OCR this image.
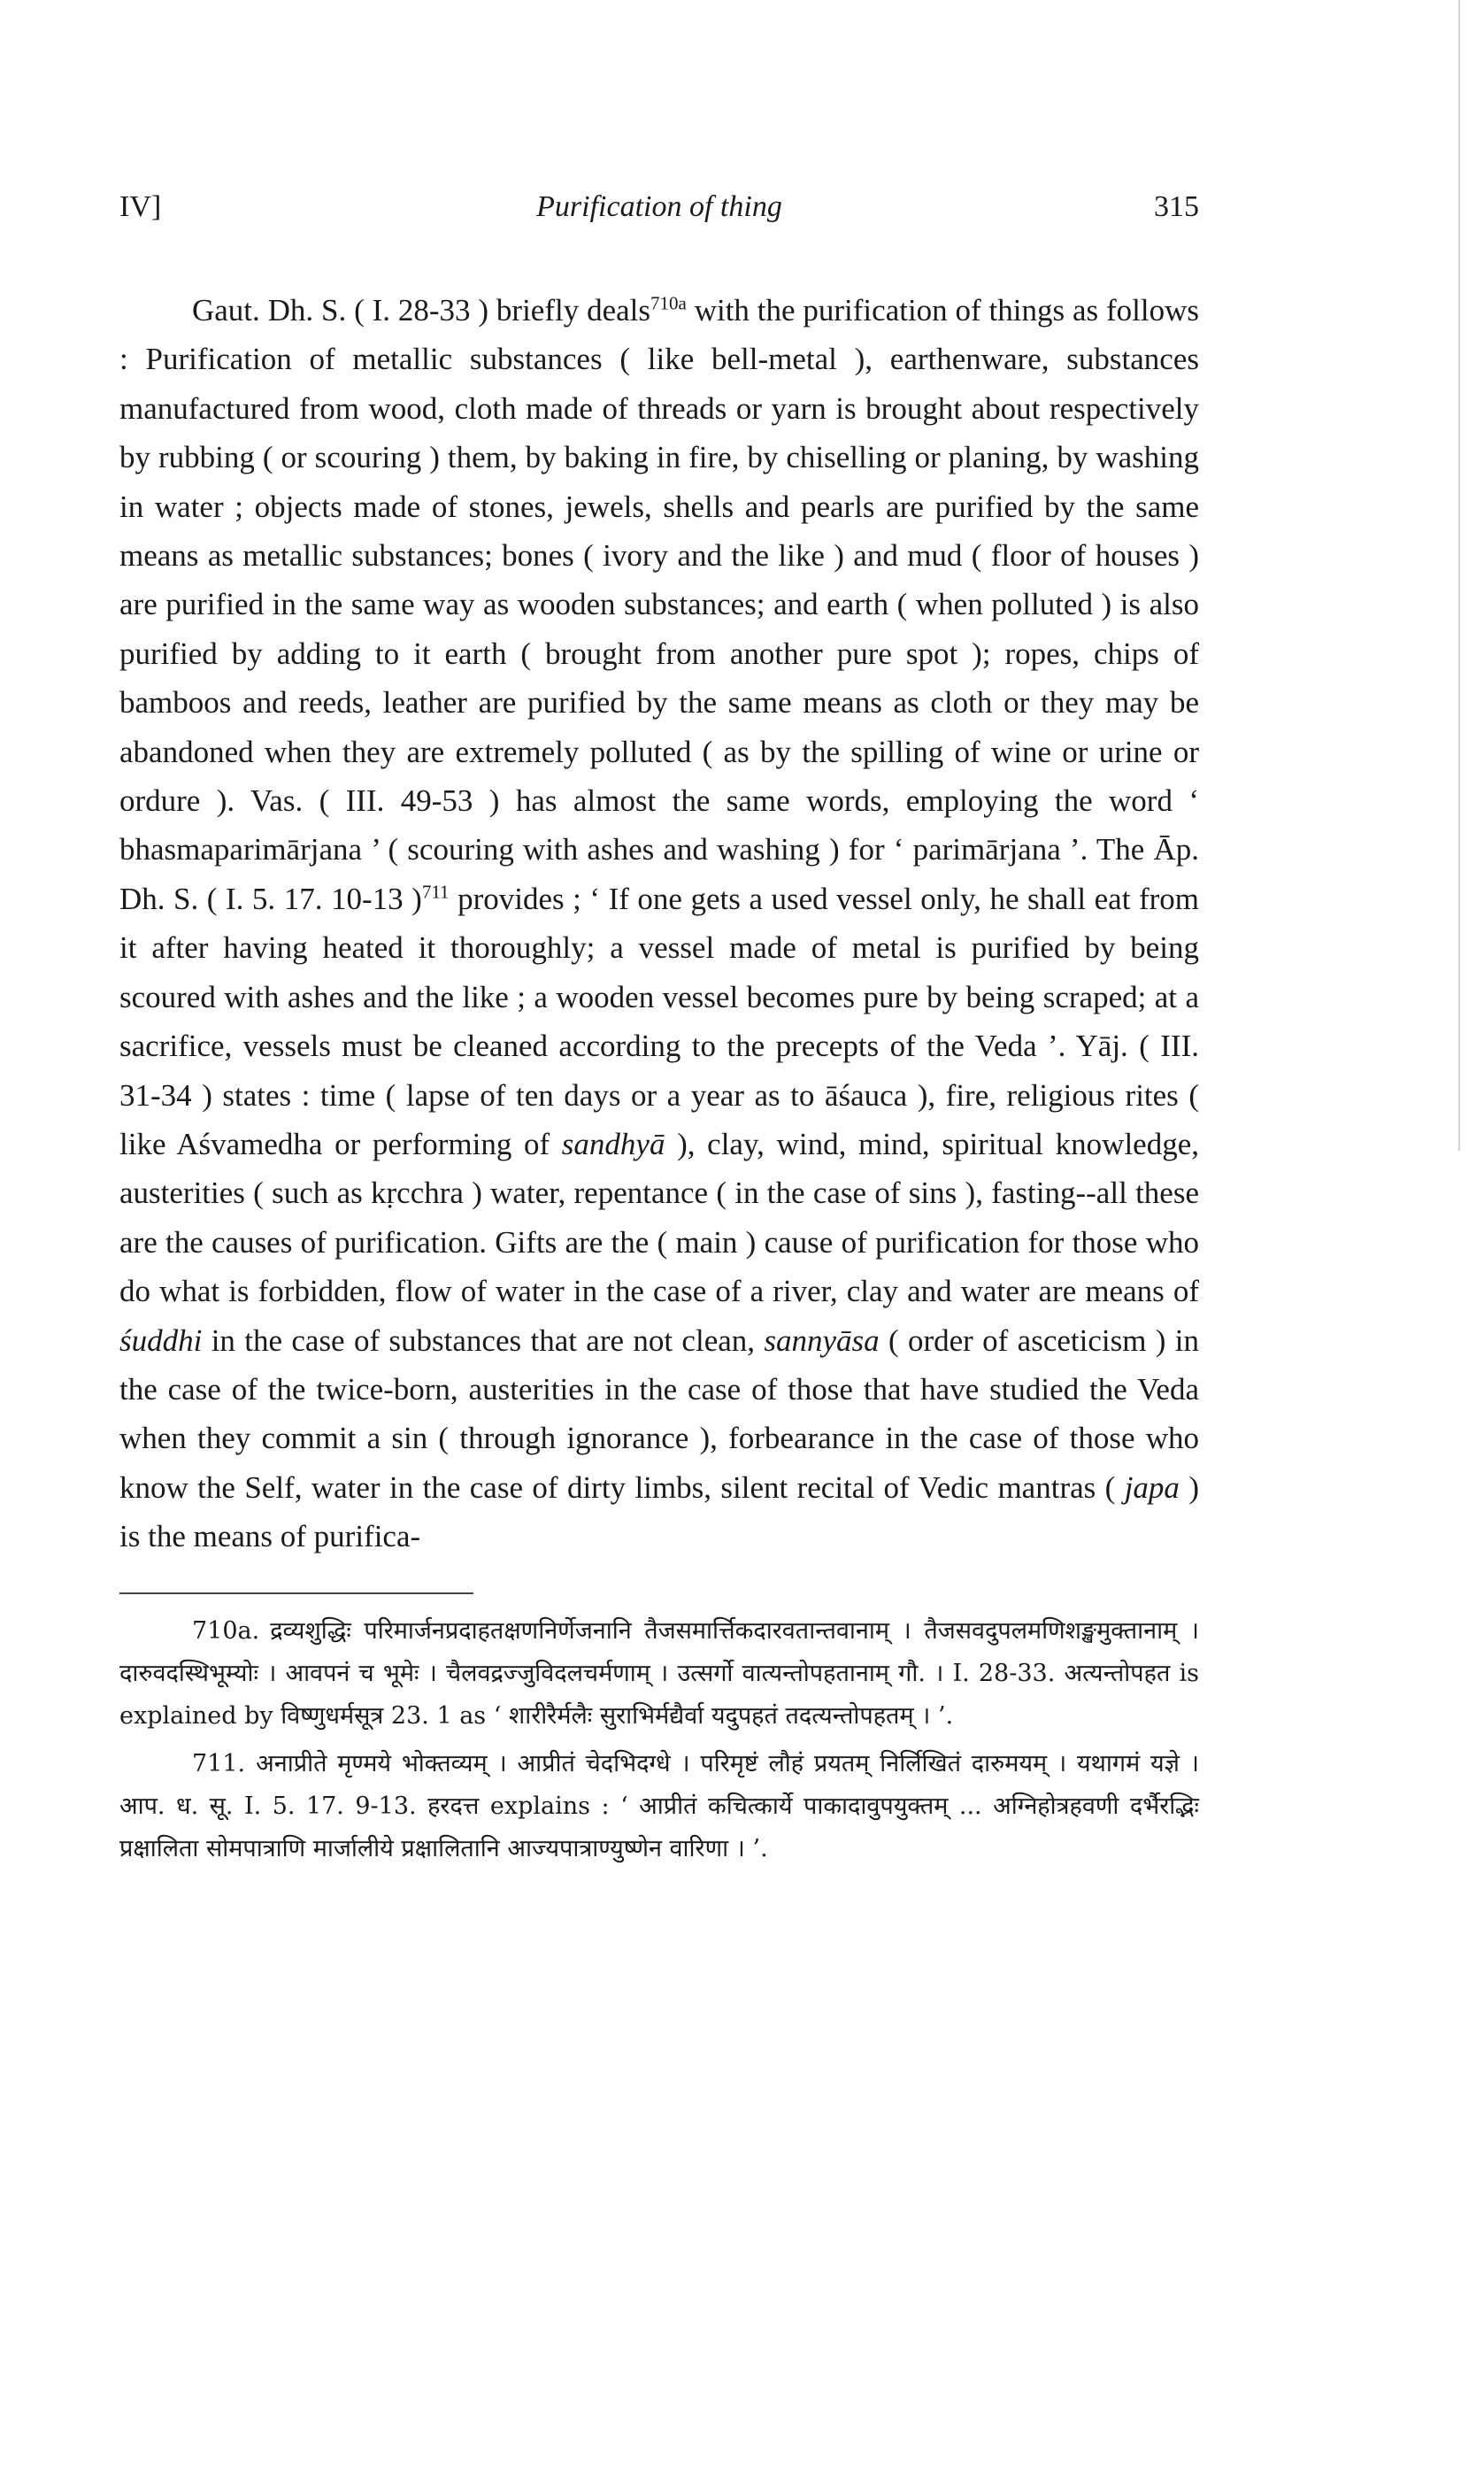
IV]	Purification of thing	315

Gaut. Dh. S. ( I. 28-33 ) briefly deals$^{710a}$ with the purification of things as follows : Purification of metallic substances ( like bell-metal ), earthenware, substances manufactured from wood, cloth made of threads or yarn is brought about respectively by rubbing ( or scouring ) them, by baking in fire, by chiselling or planing, by washing in water ; objects made of stones, jewels, shells and pearls are purified by the same means as metallic substances; bones ( ivory and the like ) and mud ( floor of houses ) are purified in the same way as wooden substances; and earth ( when polluted ) is also purified by adding to it earth ( brought from another pure spot ); ropes, chips of bamboos and reeds, leather are purified by the same means as cloth or they may be abandoned when they are extremely polluted ( as by the spilling of wine or urine or ordure ). Vas. ( III. 49-53 ) has almost the same words, employing the word ‘ bhasmaparimārjana ’ ( scouring with ashes and washing ) for ‘ parimārjana ’. The Āp. Dh. S. ( I. 5. 17. 10-13 )$^{711}$ provides ; ‘ If one gets a used vessel only, he shall eat from it after having heated it thoroughly; a vessel made of metal is purified by being scoured with ashes and the like ; a wooden vessel becomes pure by being scraped; at a sacrifice, vessels must be cleaned according to the precepts of the Veda ’. Yāj. ( III. 31-34 ) states : time ( lapse of ten days or a year as to āśauca ), fire, religious rites ( like Aśvamedha or performing of sandhyā ), clay, wind, mind, spiritual knowledge, austerities ( such as kṛcchra ) water, repentance ( in the case of sins ), fasting--all these are the causes of purification. Gifts are the ( main ) cause of purification for those who do what is forbidden, flow of water in the case of a river, clay and water are means of śuddhi in the case of substances that are not clean, sannyāsa ( order of asceticism ) in the case of the twice-born, austerities in the case of those that have studied the Veda when they commit a sin ( through ignorance ), forbearance in the case of those who know the Self, water in the case of dirty limbs, silent recital of Vedic mantras ( japa ) is the means of purifica-

710a. द्रव्यशुद्धिः परिमार्जनप्रदाहतक्षणनिर्णेजनानि तैजसमार्त्तिकदारवतान्तवानाम् । तैजसवदुपलमणिशङ्खमुक्तानाम् । दारुवदस्थिभूम्योः । आवपनं च भूमेः । चैलवद्रज्जुविदलचर्मणाम् । उत्सर्गो वात्यन्तोपहतानाम् गौ. । I. 28-33. अत्यन्तोपहत is explained by विष्णुधर्मसूत्र 23. 1 as ‘ शारीरैर्मलैः सुराभिर्मद्यैर्वा यदुपहतं तदत्यन्तोपहतम् । ’.

711. अनाप्रीते मृण्मये भोक्तव्यम् । आप्रीतं चेदभिदग्धे । परिमृष्टं लौहं प्रयतम् निर्लिखितं दारुमयम् । यथागमं यज्ञे । आप. ध. सू. I. 5. 17. 9-13. हरदत्त explains : ‘ आप्रीतं कचित्कार्ये पाकादावुपयुक्तम् ... अग्निहोत्रहवणी दर्भैरद्भिः प्रक्षालिता सोमपात्राणि मार्जालीये प्रक्षालितानि आज्यपात्राण्युष्णेन वारिणा । ’.
